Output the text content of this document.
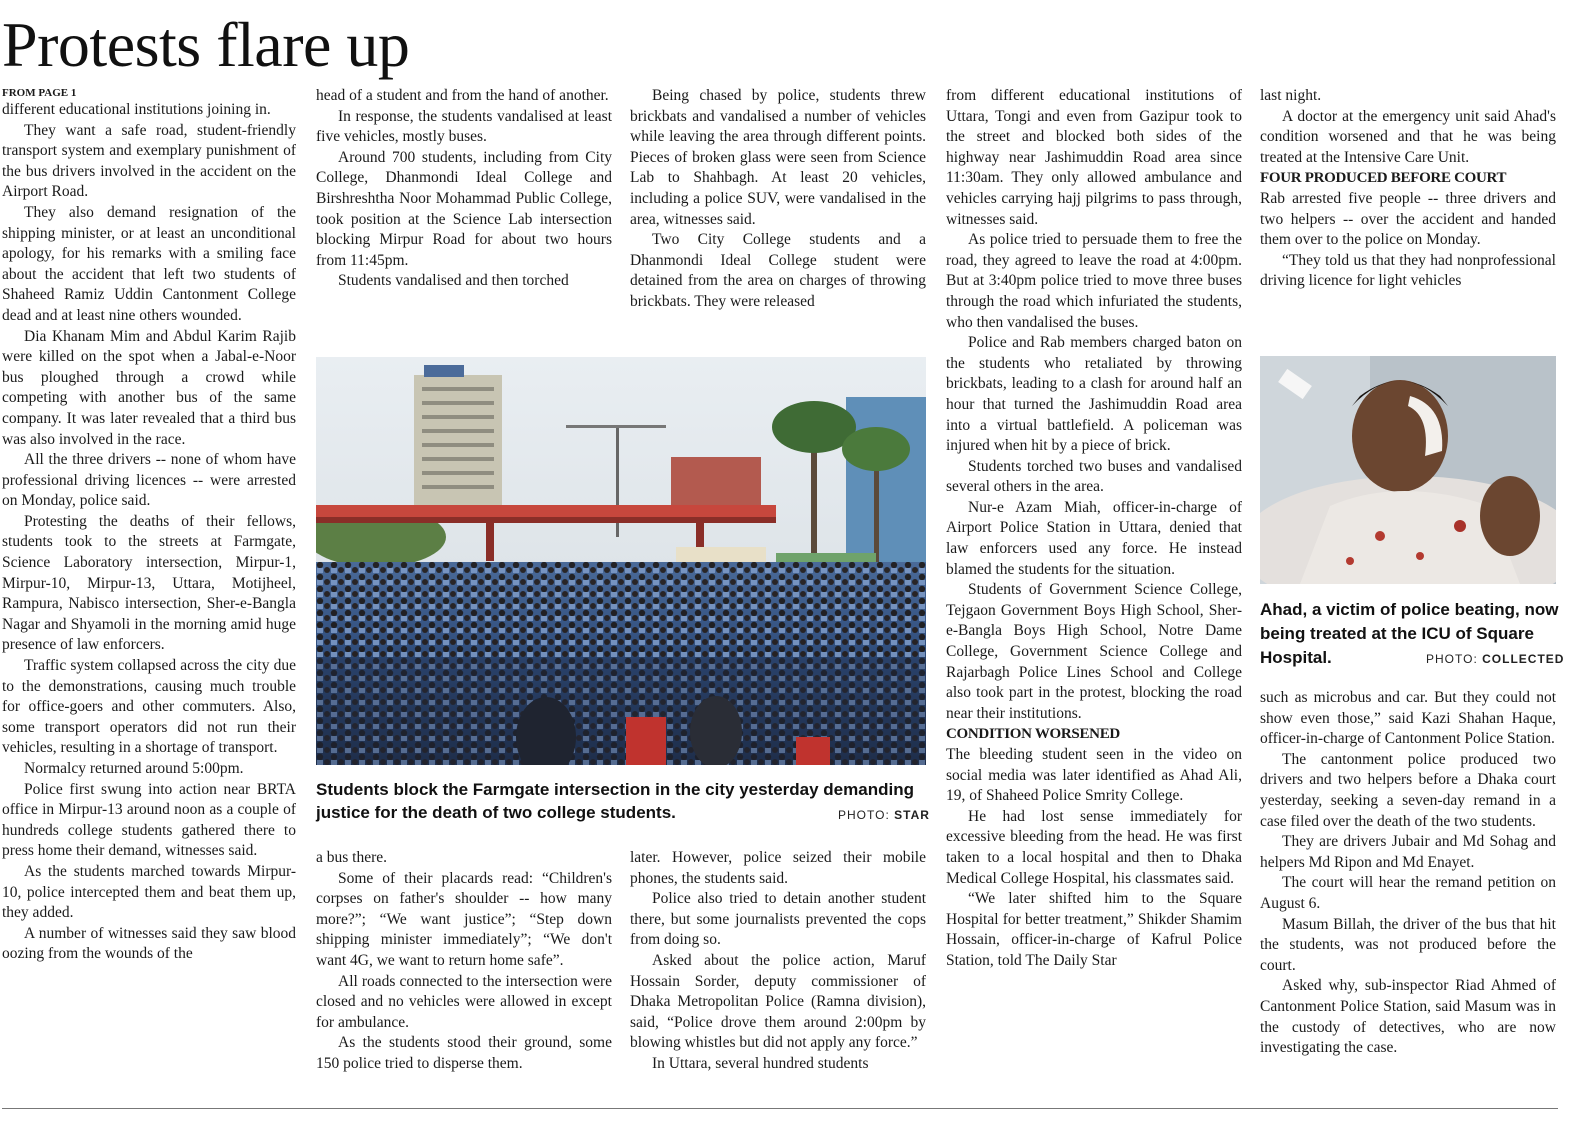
Protests flare up
FROM PAGE 1

different educational institutions joining in.

They want a safe road, student-friendly transport system and exemplary punishment of the bus drivers involved in the accident on the Airport Road.

They also demand resignation of the shipping minister, or at least an unconditional apology, for his remarks with a smiling face about the accident that left two students of Shaheed Ramiz Uddin Cantonment College dead and at least nine others wounded.

Dia Khanam Mim and Abdul Karim Rajib were killed on the spot when a Jabal-e-Noor bus ploughed through a crowd while competing with another bus of the same company. It was later revealed that a third bus was also involved in the race.

All the three drivers -- none of whom have professional driving licences -- were arrested on Monday, police said.

Protesting the deaths of their fellows, students took to the streets at Farmgate, Science Laboratory intersection, Mirpur-1, Mirpur-10, Mirpur-13, Uttara, Motijheel, Rampura, Nabisco intersection, Sher-e-Bangla Nagar and Shyamoli in the morning amid huge presence of law enforcers.

Traffic system collapsed across the city due to the demonstrations, causing much trouble for office-goers and other commuters. Also, some transport operators did not run their vehicles, resulting in a shortage of transport.

Normalcy returned around 5:00pm.

Police first swung into action near BRTA office in Mirpur-13 around noon as a couple of hundreds college students gathered there to press home their demand, witnesses said.

As the students marched towards Mirpur-10, police intercepted them and beat them up, they added.

A number of witnesses said they saw blood oozing from the wounds of the

head of a student and from the hand of another.

In response, the students vandalised at least five vehicles, mostly buses.

Around 700 students, including from City College, Dhanmondi Ideal College and Birshreshtha Noor Mohammad Public College, took position at the Science Lab intersection blocking Mirpur Road for about two hours from 11:45pm.

Students vandalised and then torched

Being chased by police, students threw brickbats and vandalised a number of vehicles while leaving the area through different points. Pieces of broken glass were seen from Science Lab to Shahbagh. At least 20 vehicles, including a police SUV, were vandalised in the area, witnesses said.

Two City College students and a Dhanmondi Ideal College student were detained from the area on charges of throwing brickbats. They were released

Students block the Farmgate intersection in the city yesterday demanding justice for the death of two college students.	PHOTO: STAR

a bus there.

Some of their placards read: “Children's corpses on father's shoulder -- how many more?”; “We want justice”; “Step down shipping minister immediately”; “We don't want 4G, we want to return home safe”.

All roads connected to the intersection were closed and no vehicles were allowed in except for ambulance.

As the students stood their ground, some 150 police tried to disperse them.

later. However, police seized their mobile phones, the students said.

Police also tried to detain another student there, but some journalists prevented the cops from doing so.

Asked about the police action, Maruf Hossain Sorder, deputy commissioner of Dhaka Metropolitan Police (Ramna division), said, “Police drove them around 2:00pm by blowing whistles but did not apply any force.”

In Uttara, several hundred students

from different educational institutions of Uttara, Tongi and even from Gazipur took to the street and blocked both sides of the highway near Jashimuddin Road area since 11:30am. They only allowed ambulance and vehicles carrying hajj pilgrims to pass through, witnesses said.

As police tried to persuade them to free the road, they agreed to leave the road at 4:00pm. But at 3:40pm police tried to move three buses through the road which infuriated the students, who then vandalised the buses.

Police and Rab members charged baton on the students who retaliated by throwing brickbats, leading to a clash for around half an hour that turned the Jashimuddin Road area into a virtual battlefield. A policeman was injured when hit by a piece of brick.

Students torched two buses and vandalised several others in the area.

Nur-e Azam Miah, officer-in-charge of Airport Police Station in Uttara, denied that law enforcers used any force. He instead blamed the students for the situation.

Students of Government Science College, Tejgaon Government Boys High School, Sher-e-Bangla Boys High School, Notre Dame College, Government Science College and Rajarbagh Police Lines School and College also took part in the protest, blocking the road near their institutions.

CONDITION WORSENED

The bleeding student seen in the video on social media was later identified as Ahad Ali, 19, of Shaheed Police Smrity College.

He had lost sense immediately for excessive bleeding from the head. He was first taken to a local hospital and then to Dhaka Medical College Hospital, his classmates said.

“We later shifted him to the Square Hospital for better treatment,” Shikder Shamim Hossain, officer-in-charge of Kafrul Police Station, told The Daily Star

last night.

A doctor at the emergency unit said Ahad's condition worsened and that he was being treated at the Intensive Care Unit.

FOUR PRODUCED BEFORE COURT

Rab arrested five people -- three drivers and two helpers -- over the accident and handed them over to the police on Monday.

“They told us that they had nonprofessional driving licence for light vehicles

Ahad, a victim of police beating, now being treated at the ICU of Square Hospital.	PHOTO: COLLECTED

such as microbus and car. But they could not show even those,” said Kazi Shahan Haque, officer-in-charge of Cantonment Police Station.

The cantonment police produced two drivers and two helpers before a Dhaka court yesterday, seeking a seven-day remand in a case filed over the death of the two students.

They are drivers Jubair and Md Sohag and helpers Md Ripon and Md Enayet.

The court will hear the remand petition on August 6.

Masum Billah, the driver of the bus that hit the students, was not produced before the court.

Asked why, sub-inspector Riad Ahmed of Cantonment Police Station, said Masum was in the custody of detectives, who are now investigating the case.
